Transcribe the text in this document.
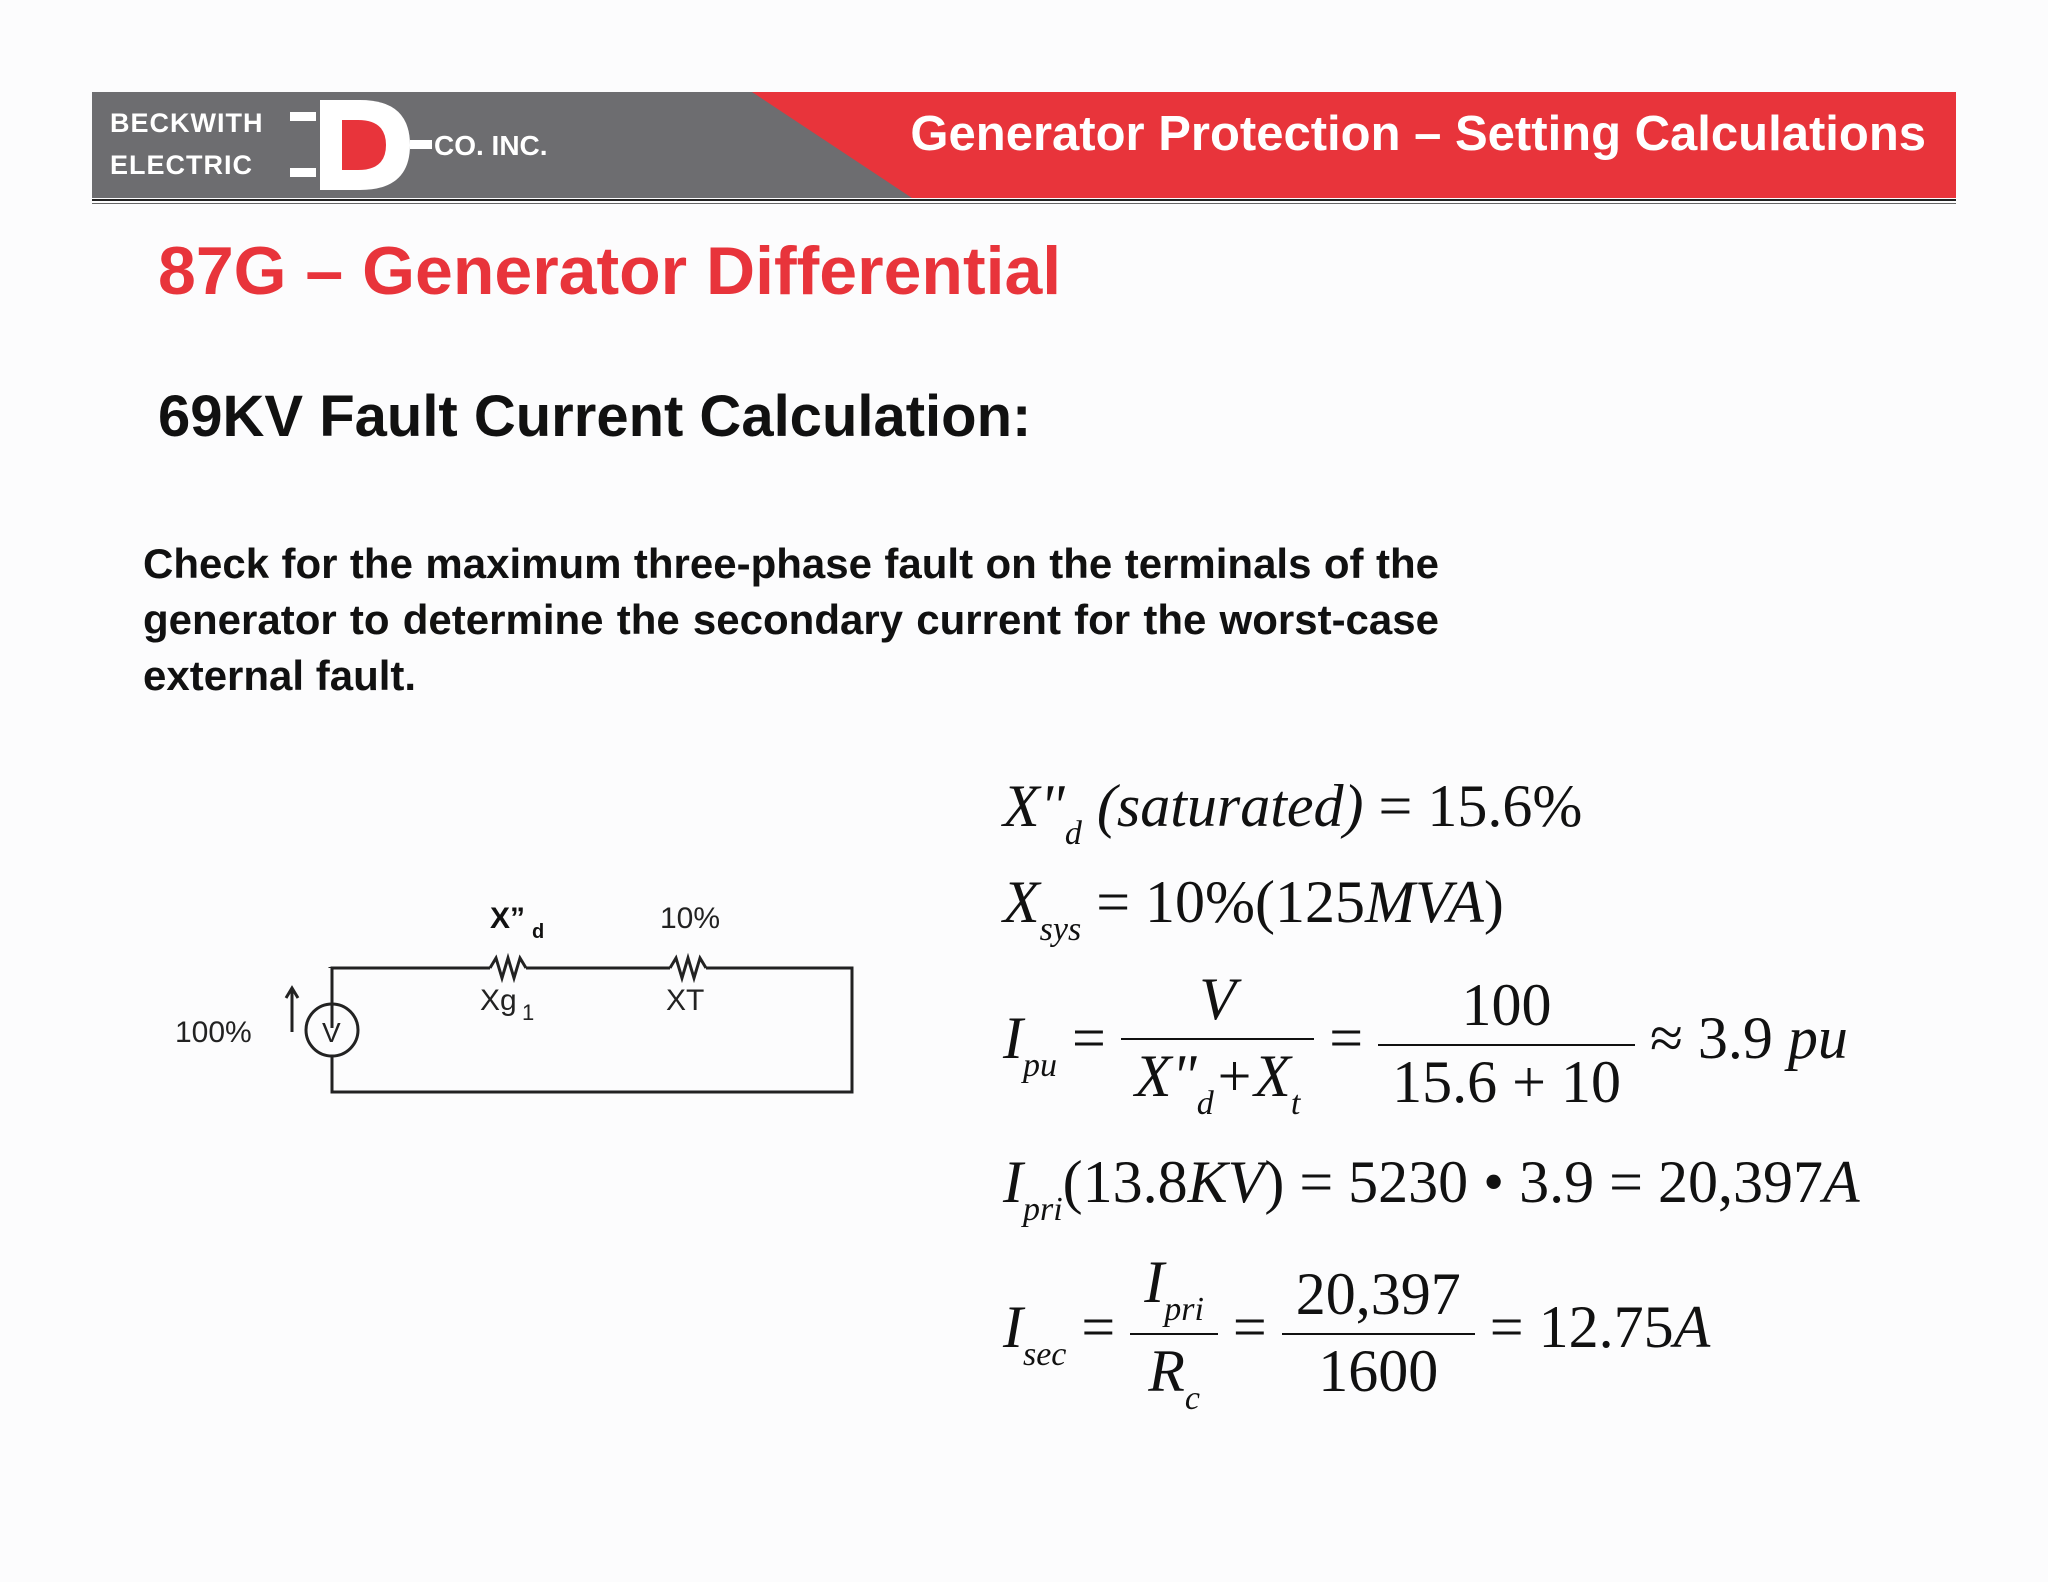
BECKWITH
ELECTRIC
CO. INC.	Generator Protection – Setting Calculations
87G – Generator Differential
69KV Fault Current Calculation:
Check for the maximum three-phase fault on the terminals of the generator to determine the secondary current for the worst-case external fault.
V
100%
X” d	10%
Xg 1	XT
$X"_d$ (saturated) = 15.6%
$X_{sys} = 10\%(125MVA)$
$I_{pu} = \frac{V}{X"_d+X_t} = \frac{100}{15.6 + 10} \approx 3.9$ pu
$I_{pri}(13.8KV) = 5230$ • 3.9 = 20,397A
$I_{sec} = \frac{I_{pri}}{R_c} = \frac{20,397}{1600} = 12.75A$
